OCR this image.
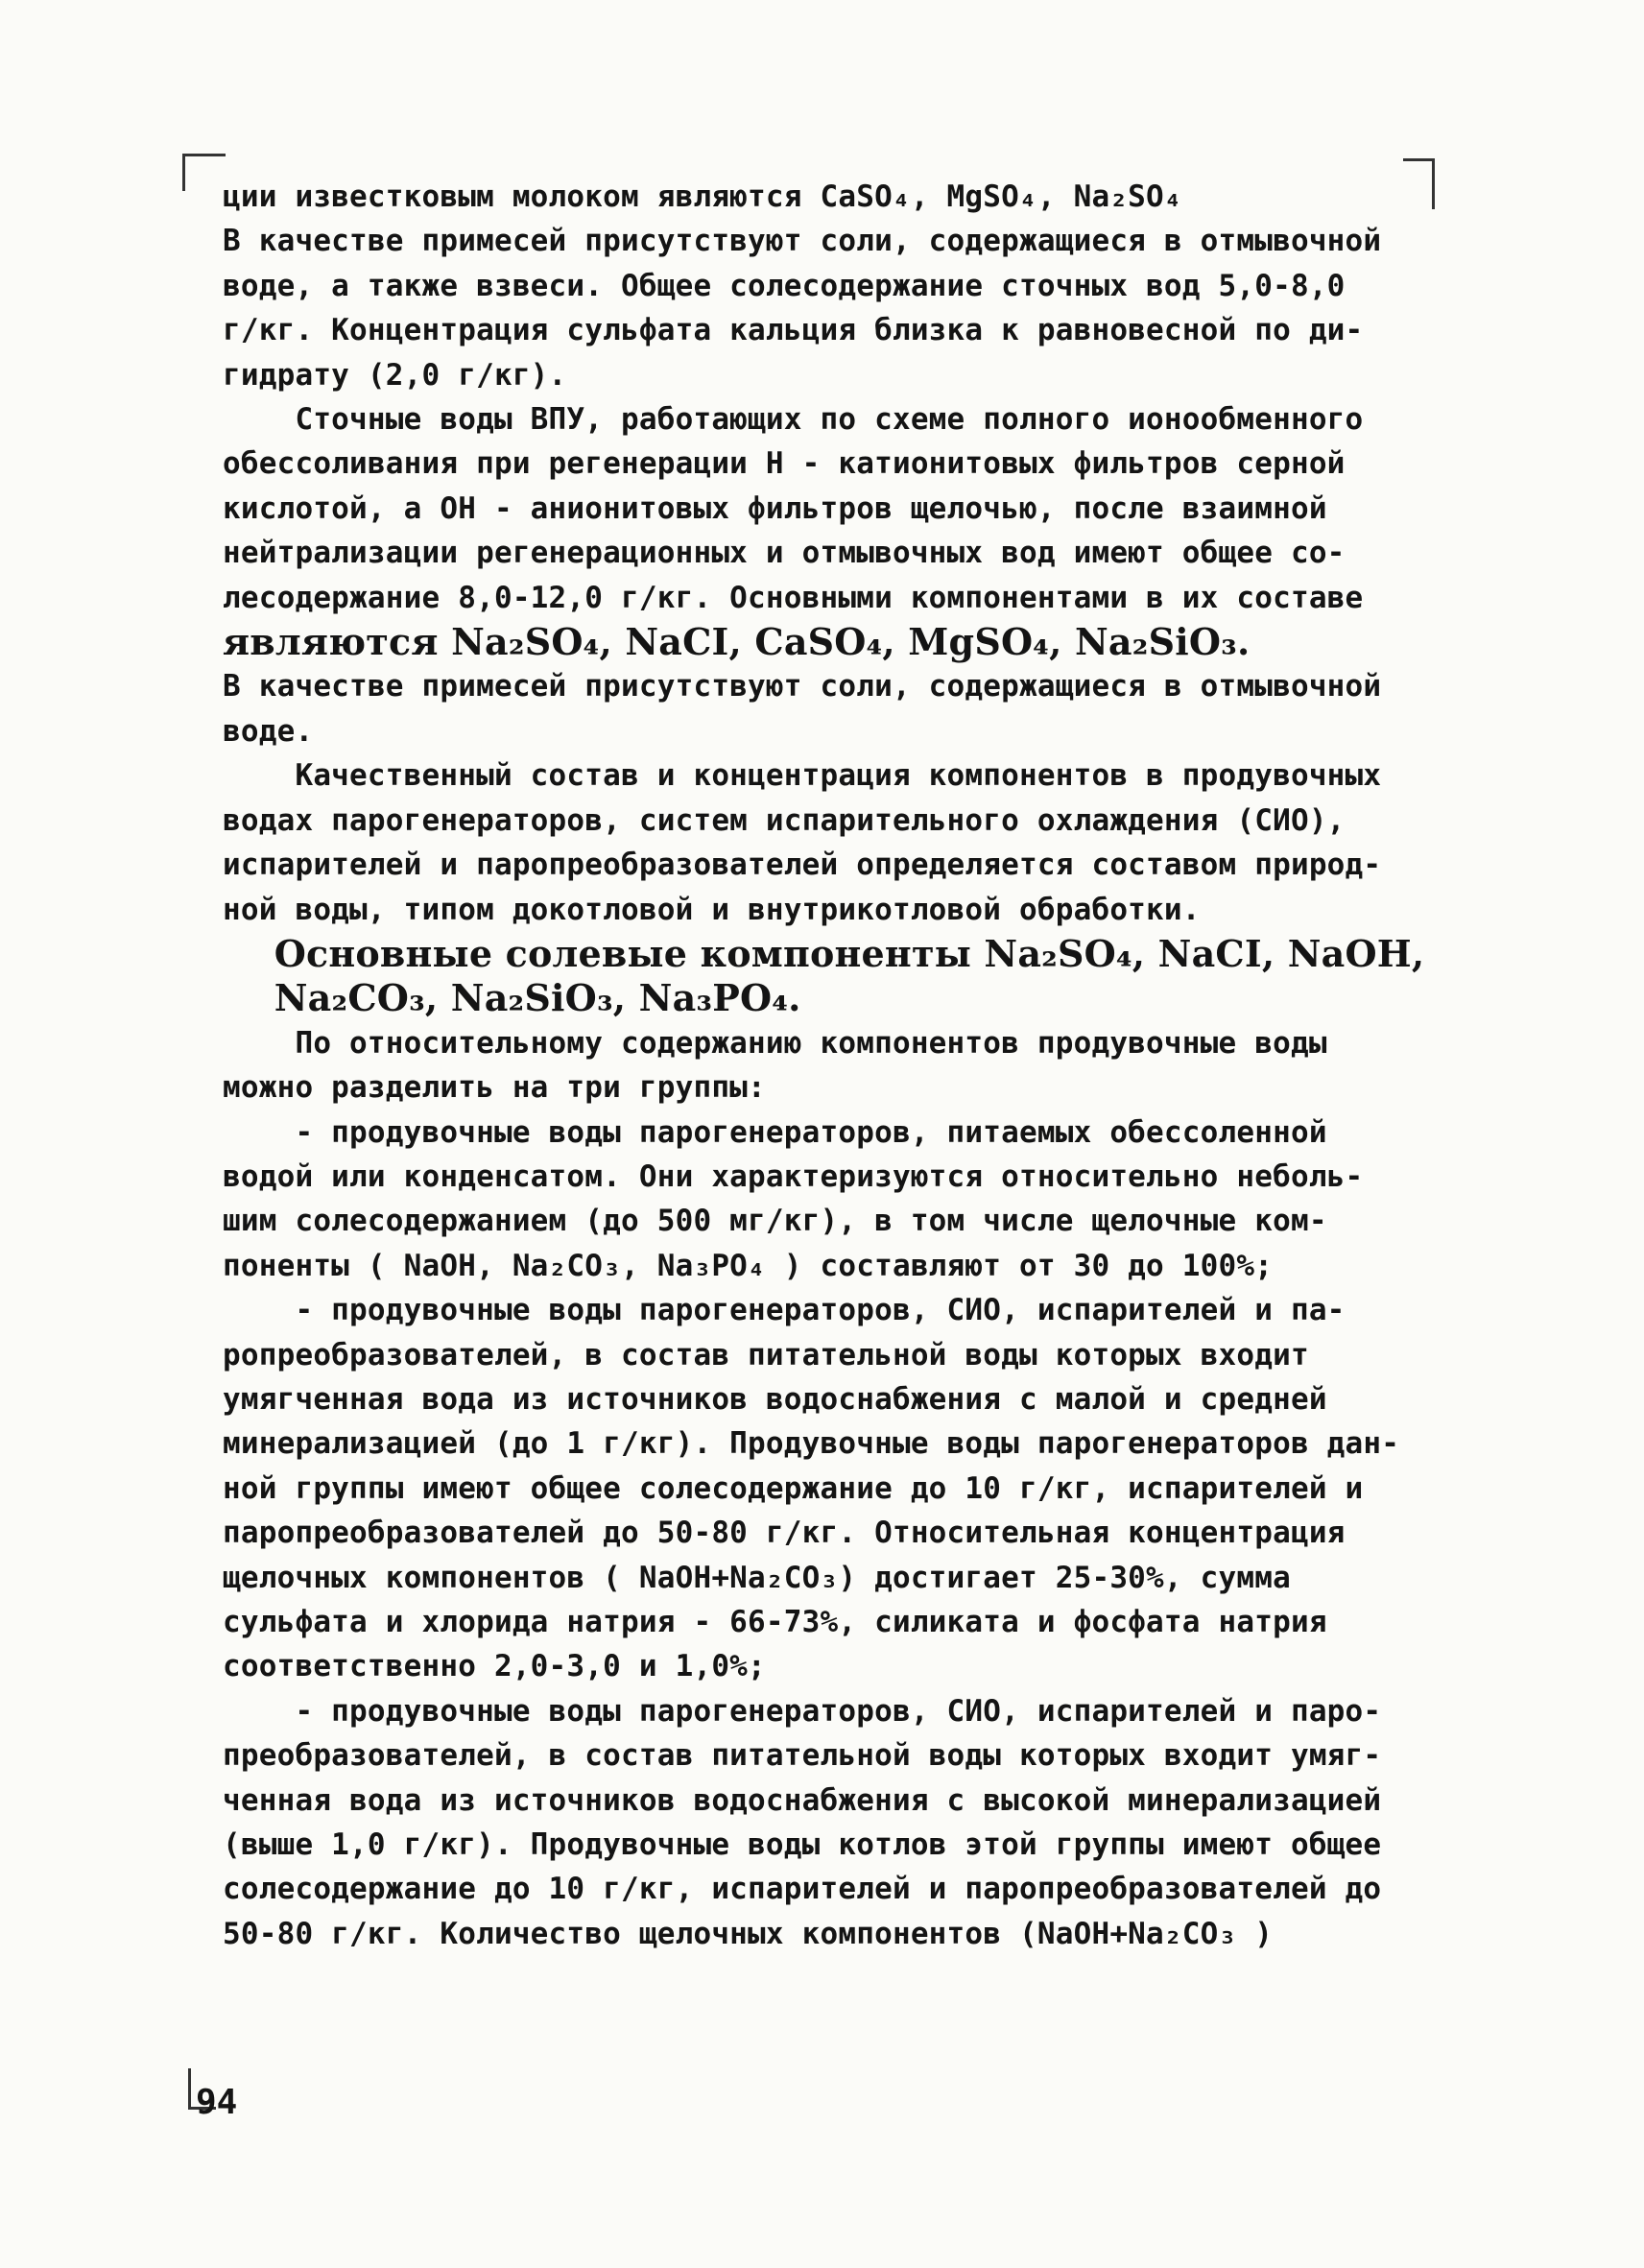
ции известковым молоком являются CaSO₄, MgSO₄, Na₂SO₄
В качестве примесей присутствуют соли, содержащиеся в отмывочной
воде, а также взвеси. Общее солесодержание сточных вод 5,0-8,0
г/кг. Концентрация сульфата кальция близка к равновесной по ди-
гидрату (2,0 г/кг).
Сточные воды ВПУ, работающих по схеме полного ионообменного
обессоливания при регенерации Н - катионитовых фильтров серной
кислотой, а ОН - анионитовых фильтров щелочью, после взаимной
нейтрализации регенерационных и отмывочных вод имеют общее со-
лесодержание 8,0-12,0 г/кг. Основными компонентами в их составе
являются Na₂SO₄, NaCI, CaSO₄, MgSO₄, Na₂SiO₃.
В качестве примесей присутствуют соли, содержащиеся в отмывочной
воде.
Качественный состав и концентрация компонентов в продувочных
водах парогенераторов, систем испарительного охлаждения (СИО),
испарителей и паропреобразователей определяется составом природ-
ной воды, типом докотловой и внутрикотловой обработки.
Основные солевые компоненты Na₂SO₄, NaCI, NaOH,
Na₂CO₃, Na₂SiO₃, Na₃PO₄.
По относительному содержанию компонентов продувочные воды
можно разделить на три группы:
- продувочные воды парогенераторов, питаемых обессоленной
водой или конденсатом. Они характеризуются относительно неболь-
шим солесодержанием (до 500 мг/кг), в том числе щелочные ком-
поненты ( NaOH, Na₂CO₃, Na₃PO₄ ) составляют от 30 до 100%;
- продувочные воды парогенераторов, СИО, испарителей и па-
ропреобразователей, в состав питательной воды которых входит
умягченная вода из источников водоснабжения с малой и средней
минерализацией (до 1 г/кг). Продувочные воды парогенераторов дан-
ной группы имеют общее солесодержание до 10 г/кг, испарителей и
паропреобразователей до 50-80 г/кг. Относительная концентрация
щелочных компонентов ( NaOH+Na₂CO₃) достигает 25-30%, сумма
сульфата и хлорида натрия - 66-73%, силиката и фосфата натрия
соответственно 2,0-3,0 и 1,0%;
- продувочные воды парогенераторов, СИО, испарителей и паро-
преобразователей, в состав питательной воды которых входит умяг-
ченная вода из источников водоснабжения с высокой минерализацией
(выше 1,0 г/кг). Продувочные воды котлов этой группы имеют общее
солесодержание до 10 г/кг, испарителей и паропреобразователей до
50-80 г/кг. Количество щелочных компонентов (NaOH+Na₂CO₃ )
94
